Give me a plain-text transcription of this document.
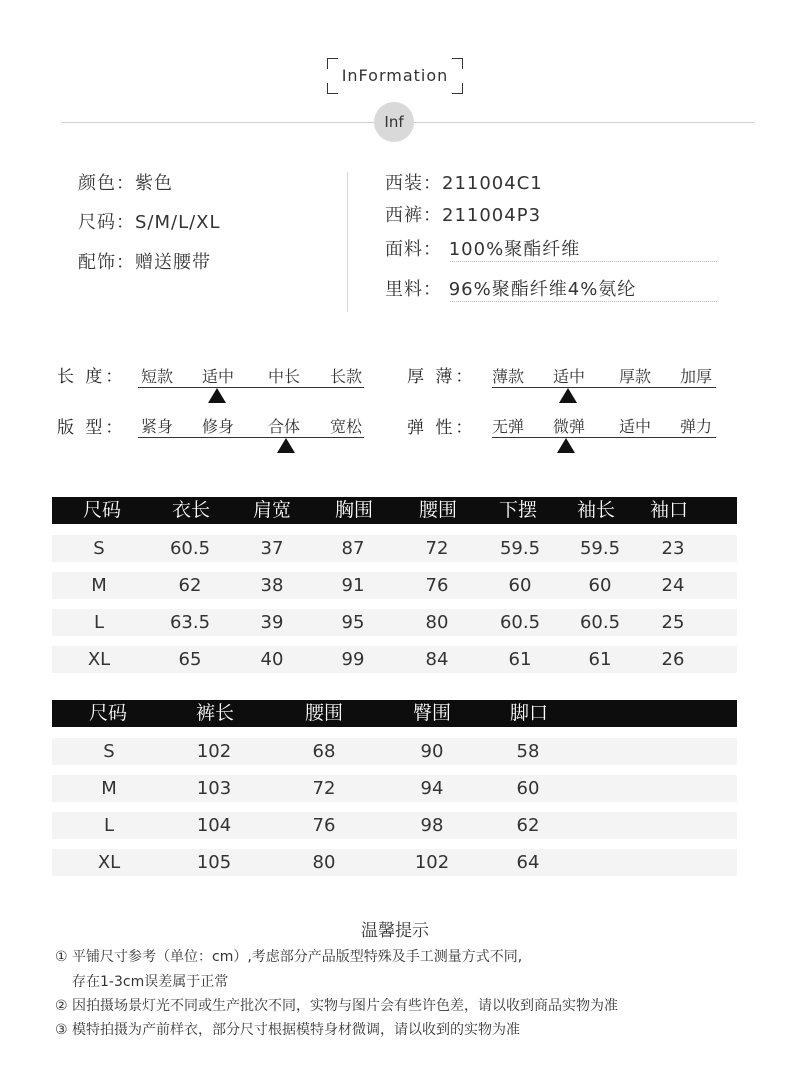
InFormation
Inf
颜色：紫色
尺码：S/M/L/XL
配饰：赠送腰带
西装：211004C1
西裤：211004P3
面料： 100%聚酯纤维
里料： 96%聚酯纤维4%氨纶
长 度： 短款 适中 中长 长款
版 型： 紧身 修身 合体 宽松
厚 薄： 薄款 适中 厚款 加厚
弹 性： 无弹 微弹 适中 弹力
尺码	衣长	肩宽	胸围	腰围	下摆	袖长	袖口
S	60.5	37	87	72	59.5	59.5	23
M	62	38	91	76	60	60	24
L	63.5	39	95	80	60.5	60.5	25
XL	65	40	99	84	61	61	26
尺码	裤长	腰围	臀围	脚口
S	102	68	90	58
M	103	72	94	60
L	104	76	98	62
XL	105	80	102	64
温馨提示
① 平铺尺寸参考（单位：cm）,考虑部分产品版型特殊及手工测量方式不同,
存在1-3cm误差属于正常
② 因拍摄场景灯光不同或生产批次不同，实物与图片会有些许色差，请以收到商品实物为准
③ 模特拍摄为产前样衣，部分尺寸根据模特身材微调，请以收到的实物为准
